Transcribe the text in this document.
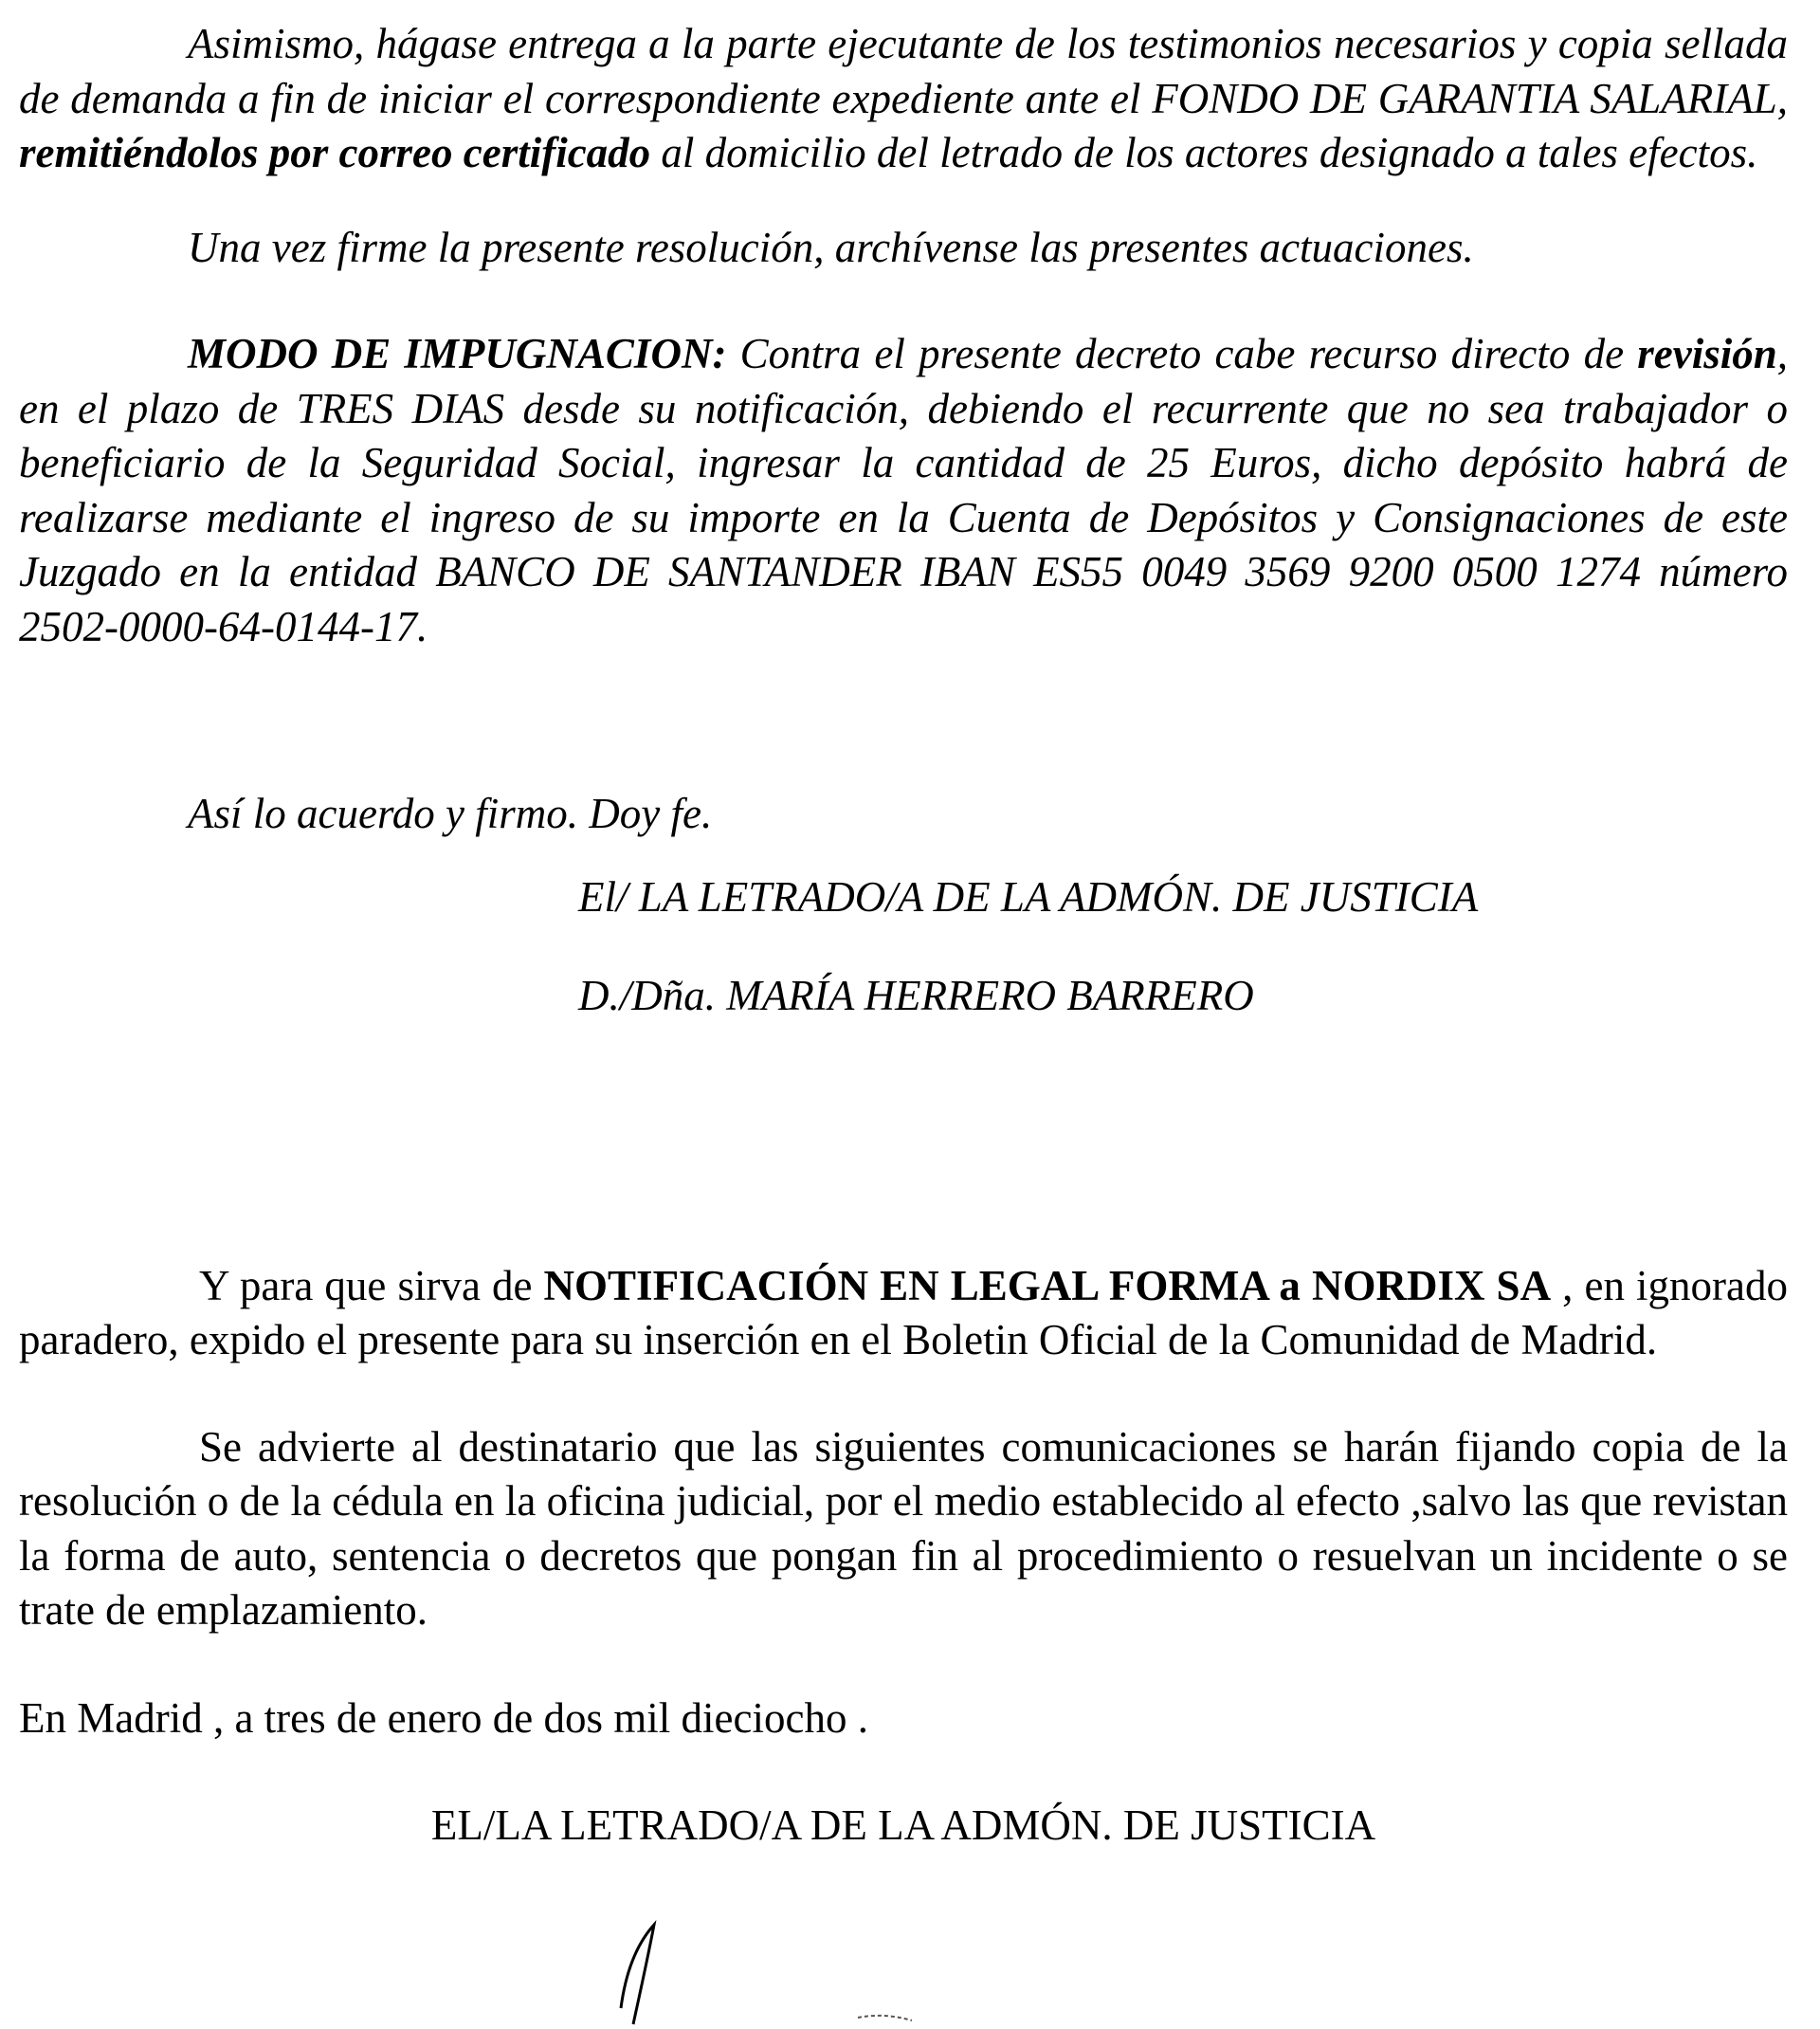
Asimismo, hágase entrega a la parte ejecutante de los testimonios necesarios y copia sellada de demanda a fin de iniciar el correspondiente expediente ante el FONDO DE GARANTIA SALARIAL, remitiéndolos por correo certificado al domicilio del letrado de los actores designado a tales efectos.

Una vez firme la presente resolución, archívense las presentes actuaciones.

MODO DE IMPUGNACION: Contra el presente decreto cabe recurso directo de revisión, en el plazo de TRES DIAS desde su notificación, debiendo el recurrente que no sea trabajador o beneficiario de la Seguridad Social, ingresar la cantidad de 25 Euros, dicho depósito habrá de realizarse mediante el ingreso de su importe en la Cuenta de Depósitos y Consignaciones de este Juzgado en la entidad BANCO DE SANTANDER IBAN ES55 0049 3569 9200 0500 1274 número 2502-0000-64-0144-17.

Así lo acuerdo y firmo. Doy fe.

El/ LA LETRADO/A DE LA ADMÓN. DE JUSTICIA

D./Dña. MARÍA HERRERO BARRERO

Y para que sirva de NOTIFICACIÓN EN LEGAL FORMA a NORDIX SA , en ignorado paradero, expido el presente para su inserción en el Boletin Oficial de la Comunidad de Madrid.

Se advierte al destinatario que las siguientes comunicaciones se harán fijando copia de la resolución o de la cédula en la oficina judicial, por el medio establecido al efecto ,salvo las que revistan la forma de auto, sentencia o decretos que pongan fin al procedimiento o resuelvan un incidente o se trate de emplazamiento.

En Madrid , a tres de enero de dos mil dieciocho .

EL/LA LETRADO/A DE LA ADMÓN. DE JUSTICIA
